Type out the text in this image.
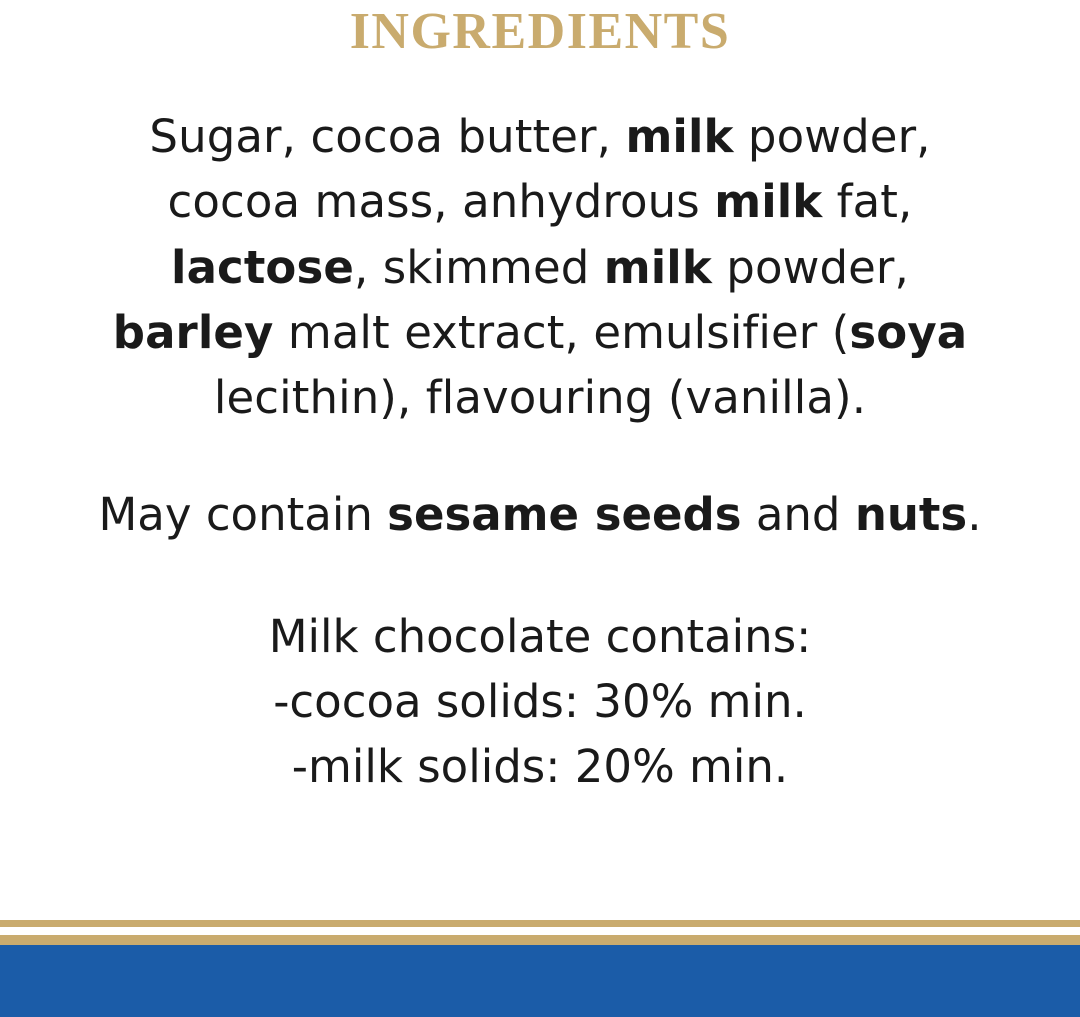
INGREDIENTS
Sugar, cocoa butter, milk powder,
cocoa mass, anhydrous milk fat,
lactose, skimmed milk powder,
barley malt extract, emulsifier (soya
lecithin), flavouring (vanilla).
May contain sesame seeds and nuts.
Milk chocolate contains:
-cocoa solids: 30% min.
-milk solids: 20% min.
